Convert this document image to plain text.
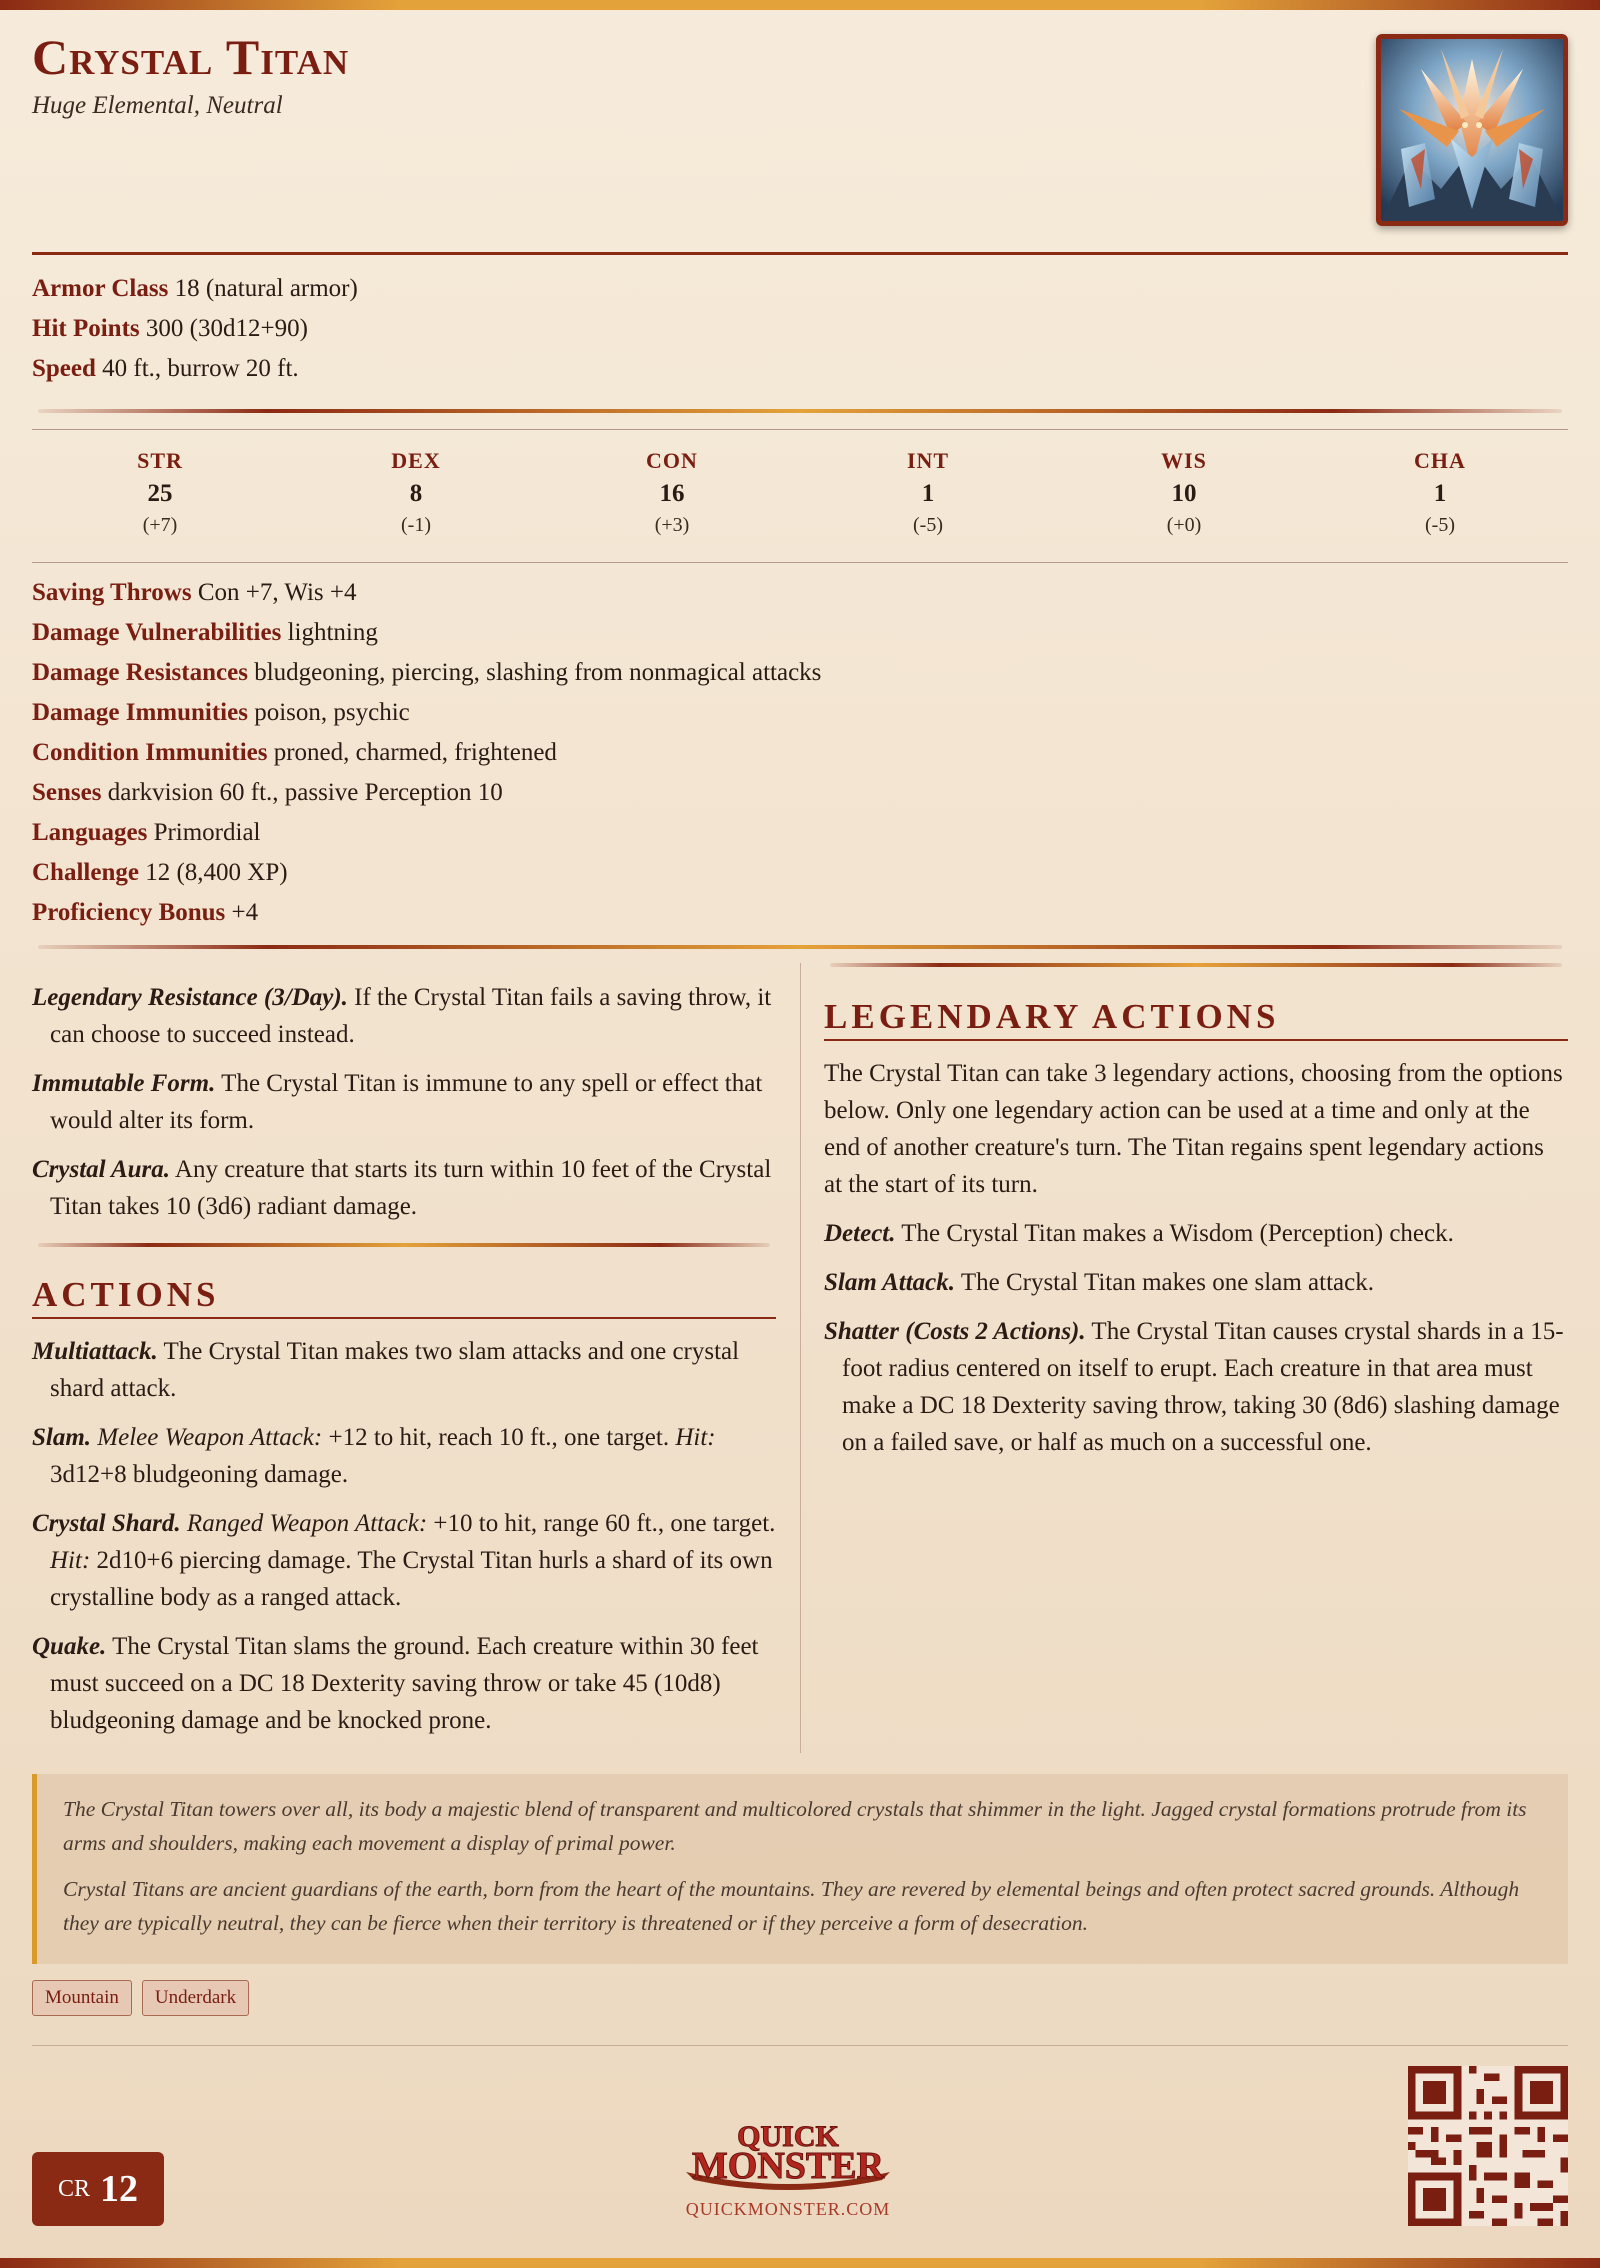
Crystal Titan
Huge Elemental, Neutral
Armor Class 18 (natural armor)
Hit Points 300 (30d12+90)
Speed 40 ft., burrow 20 ft.
STR
25
(+7)
DEX
8
(-1)
CON
16
(+3)
INT
1
(-5)
WIS
10
(+0)
CHA
1
(-5)
Saving Throws Con +7, Wis +4
Damage Vulnerabilities lightning
Damage Resistances bludgeoning, piercing, slashing from nonmagical attacks
Damage Immunities poison, psychic
Condition Immunities proned, charmed, frightened
Senses darkvision 60 ft., passive Perception 10
Languages Primordial
Challenge 12 (8,400 XP)
Proficiency Bonus +4
Legendary Resistance (3/Day). If the Crystal Titan fails a saving throw, it can choose to succeed instead.
Immutable Form. The Crystal Titan is immune to any spell or effect that would alter its form.
Crystal Aura. Any creature that starts its turn within 10 feet of the Crystal Titan takes 10 (3d6) radiant damage.
ACTIONS
Multiattack. The Crystal Titan makes two slam attacks and one crystal shard attack.
Slam. Melee Weapon Attack: +12 to hit, reach 10 ft., one target. Hit: 3d12+8 bludgeoning damage.
Crystal Shard. Ranged Weapon Attack: +10 to hit, range 60 ft., one target. Hit: 2d10+6 piercing damage. The Crystal Titan hurls a shard of its own crystalline body as a ranged attack.
Quake. The Crystal Titan slams the ground. Each creature within 30 feet must succeed on a DC 18 Dexterity saving throw or take 45 (10d8) bludgeoning damage and be knocked prone.
LEGENDARY ACTIONS
The Crystal Titan can take 3 legendary actions, choosing from the options below. Only one legendary action can be used at a time and only at the end of another creature's turn. The Titan regains spent legendary actions at the start of its turn.
Detect. The Crystal Titan makes a Wisdom (Perception) check.
Slam Attack. The Crystal Titan makes one slam attack.
Shatter (Costs 2 Actions). The Crystal Titan causes crystal shards in a 15-foot radius centered on itself to erupt. Each creature in that area must make a DC 18 Dexterity saving throw, taking 30 (8d6) slashing damage on a failed save, or half as much on a successful one.

The Crystal Titan towers over all, its body a majestic blend of transparent and multicolored crystals that shimmer in the light. Jagged crystal formations protrude from its arms and shoulders, making each movement a display of primal power.

Crystal Titans are ancient guardians of the earth, born from the heart of the mountains. They are revered by elemental beings and often protect sacred grounds. Although they are typically neutral, they can be fierce when their territory is threatened or if they perceive a form of desecration.

Mountain	Underdark
CR 12
QUICK
MONSTER
QUICKMONSTER.COM
